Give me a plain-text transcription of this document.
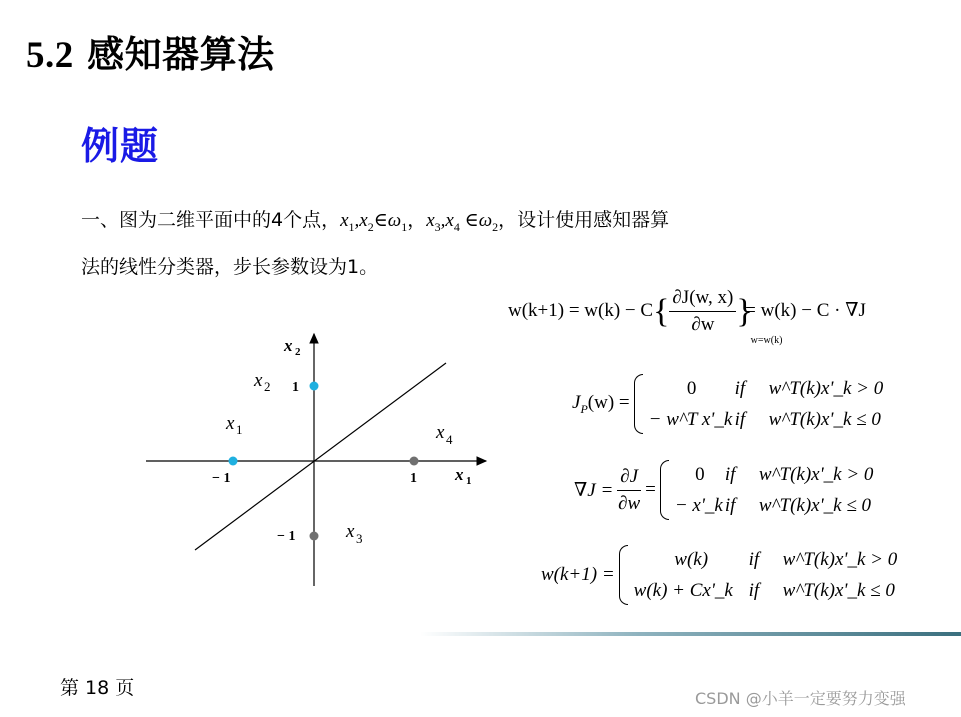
5.2 感知器算法
例题
一、图为二维平面中的4个点，$x_1,x_2\in\omega_1$，$x_3,x_4$ $\in\omega_2$，设计使用感知器算
法的线性分类器，步长参数设为1。
x 2
x 1
− 1	1
1
− 1
x 1
x 2
x 3
x 4
$w(k+1) = w(k) - C\{ \frac{\partial J(w, x)}{\partial w} \}_{w=w(k)} = w(k) - C \cdot \nabla J$
$J_P(w)$ =
0 if w^T(k)x'_k > 0
− w^T x'_k if w^T(k)x'_k ≤ 0
$\nabla J = \frac{\partial J}{\partial w}$ =
0 if w^T(k)x'_k > 0
− x'_k if w^T(k)x'_k ≤ 0
w(k+1) =
w(k) if w^T(k)x'_k > 0
w(k) + Cx'_k if w^T(k)x'_k ≤ 0
第 18 页	CSDN @小羊一定要努力变强
